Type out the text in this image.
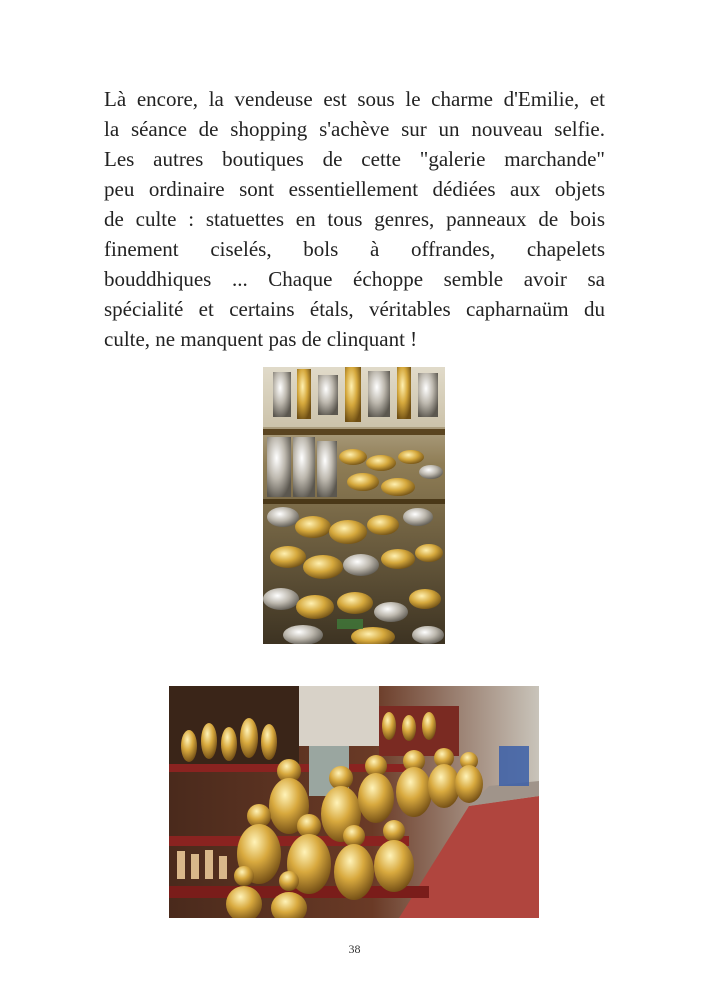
Là encore, la vendeuse est sous le charme d'Emilie, et
la séance de shopping s'achève sur un nouveau selfie.
Les autres boutiques de cette "galerie marchande"
peu ordinaire sont essentiellement dédiées aux objets
de culte : statuettes en tous genres, panneaux de bois
finement ciselés, bols à offrandes, chapelets
bouddhiques ... Chaque échoppe semble avoir sa
spécialité et certains étals, véritables capharnaüm du
culte, ne manquent pas de clinquant !
38
